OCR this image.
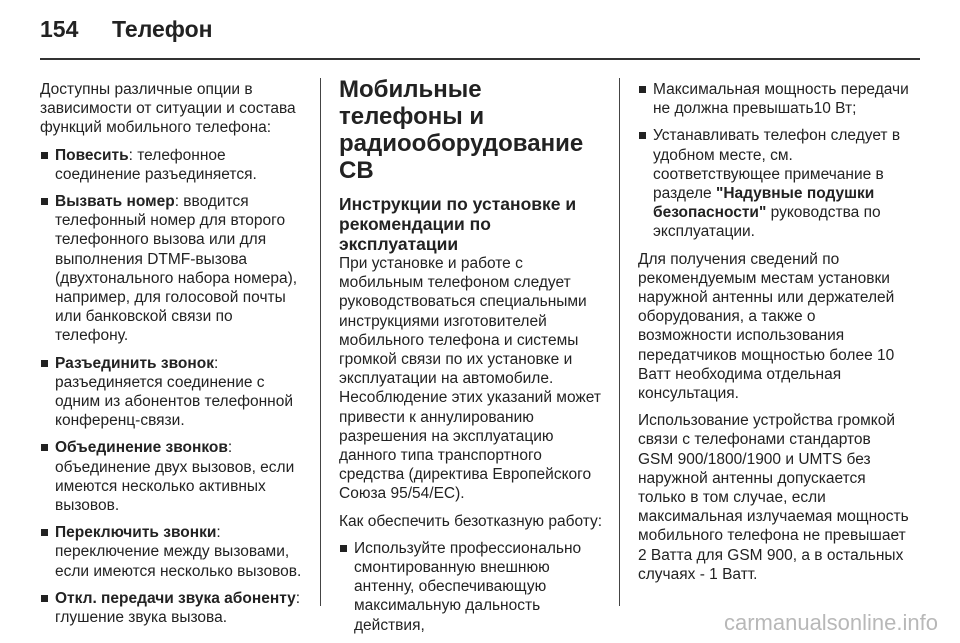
154 Телефон

Доступны различные опции в зависимости от ситуации и состава функций мобильного телефона:

Повесить: телефонное соединение разъединяется.
Вызвать номер: вводится телефонный номер для второго телефонного вызова или для выполнения DTMF-вызова (двухтонального набора номера), например, для голосовой почты или банковской связи по телефону.
Разъединить звонок: разъединяется соединение с одним из абонентов телефонной конференц-связи.
Объединение звонков: объединение двух вызовов, если имеются несколько активных вызовов.
Переключить звонки: переключение между вызовами, если имеются несколько вызовов.
Откл. передачи звука абоненту: глушение звука вызова.
Мобильные телефоны и радиооборудование СВ
Инструкции по установке и рекомендации по эксплуатации

При установке и работе с мобильным телефоном следует руководствоваться специальными инструкциями изготовителей мобильного телефона и системы громкой связи по их установке и эксплуатации на автомобиле. Несоблюдение этих указаний может привести к аннулированию разрешения на эксплуатацию данного типа транспортного средства (директива Европейского Союза 95/54/EC).

Как обеспечить безотказную работу:

Используйте профессионально смонтированную внешнюю антенну, обеспечивающую максимальную дальность действия,
Максимальная мощность передачи не должна превышать10 Вт;
Устанавливать телефон следует в удобном месте, см. соответствующее примечание в разделе "Надувные подушки безопасности" руководства по эксплуатации.

Для получения сведений по рекомендуемым местам установки наружной антенны или держателей оборудования, а также о возможности использования передатчиков мощностью более 10 Ватт необходима отдельная консультация.

Использование устройства громкой связи с телефонами стандартов GSM 900/1800/1900 и UMTS без наружной антенны допускается только в том случае, если максимальная излучаемая мощность мобильного телефона не превышает 2 Ватта для GSM 900, а в остальных случаях - 1 Ватт.

carmanualsonline.info
